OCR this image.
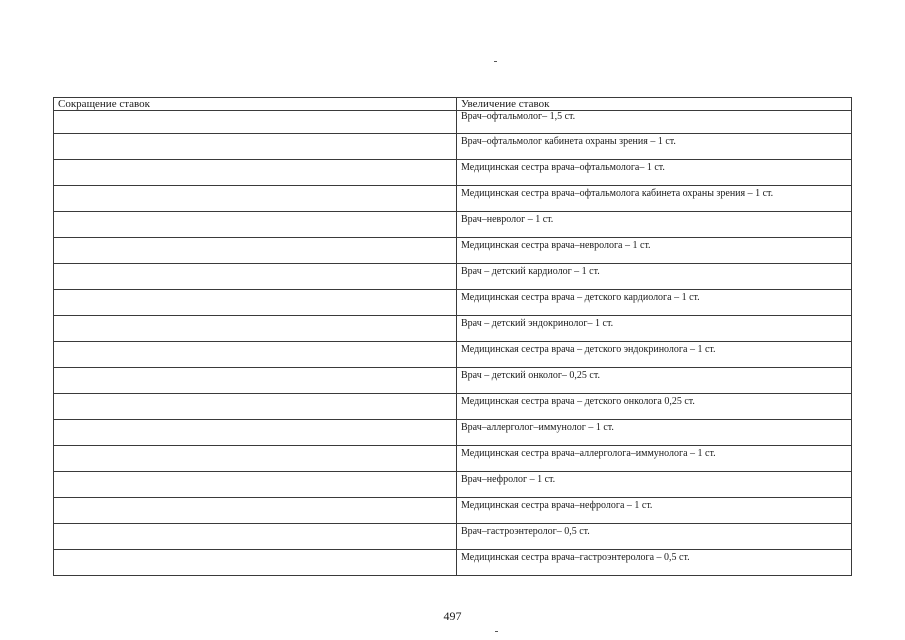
Сокращение ставок	Увеличение ставок
	Врач–офтальмолог– 1,5 ст.
	Врач–офтальмолог кабинета охраны зрения – 1 ст.
	Медицинская сестра врача–офтальмолога– 1 ст.
	Медицинская сестра врача–офтальмолога кабинета охраны зрения – 1 ст.
	Врач–невролог – 1 ст.
	Медицинская сестра врача–невролога – 1 ст.
	Врач – детский кардиолог – 1 ст.
	Медицинская сестра врача – детского кардиолога – 1 ст.
	Врач – детский эндокринолог– 1 ст.
	Медицинская сестра врача – детского эндокринолога – 1 ст.
	Врач – детский онколог– 0,25 ст.
	Медицинская сестра врача – детского онколога 0,25 ст.
	Врач–аллерголог–иммунолог – 1 ст.
	Медицинская сестра врача–аллерголога–иммунолога – 1 ст.
	Врач–нефролог – 1 ст.
	Медицинская сестра врача–нефролога – 1 ст.
	Врач–гастроэнтеролог– 0,5 ст.
	Медицинская сестра врача–гастроэнтеролога – 0,5 ст.
497
